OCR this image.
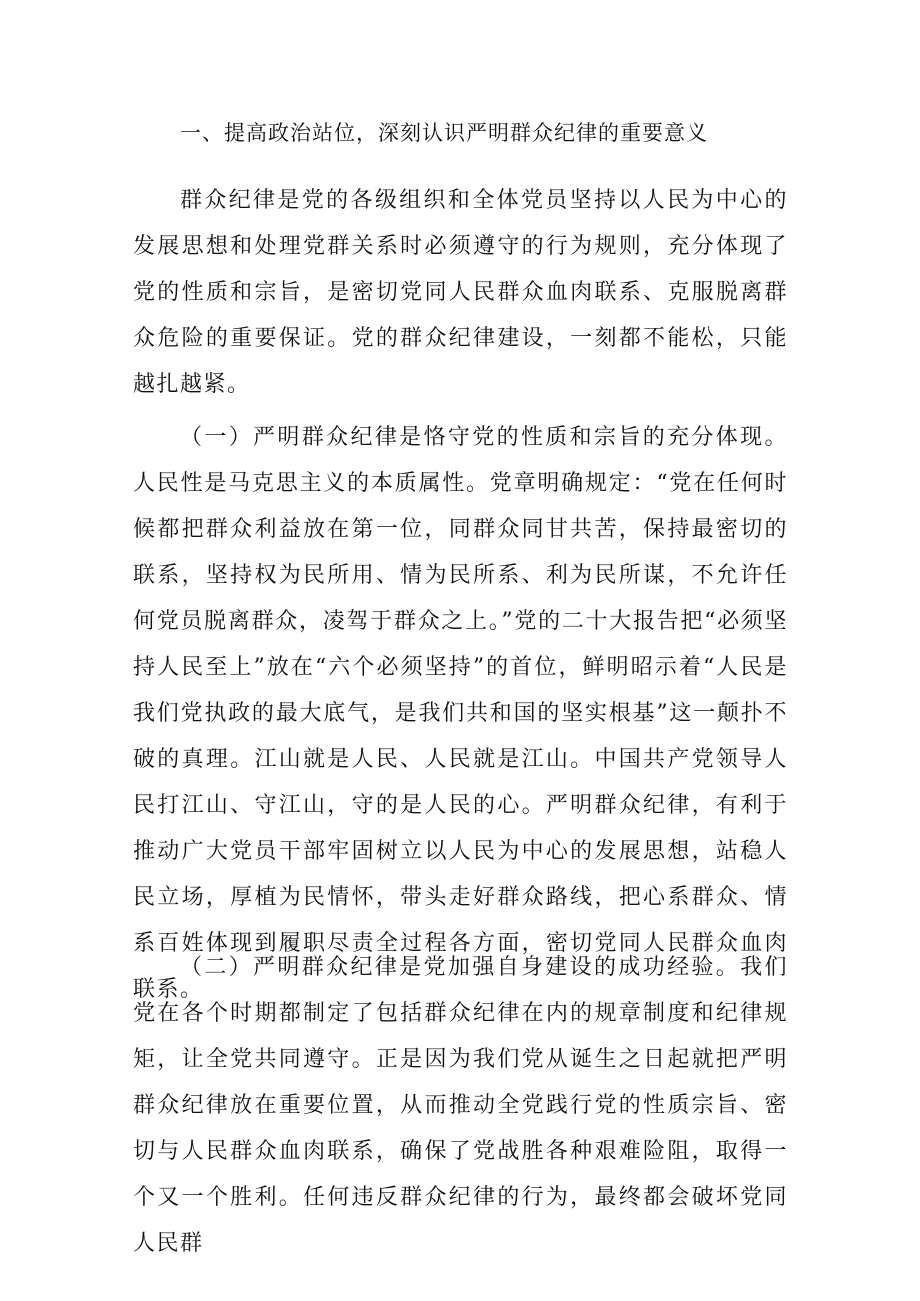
一、提高政治站位，深刻认识严明群众纪律的重要意义

群众纪律是党的各级组织和全体党员坚持以人民为中心的发展思想和处理党群关系时必须遵守的行为规则，充分体现了党的性质和宗旨，是密切党同人民群众血肉联系、克服脱离群众危险的重要保证。党的群众纪律建设，一刻都不能松，只能越扎越紧。

（一）严明群众纪律是恪守党的性质和宗旨的充分体现。人民性是马克思主义的本质属性。党章明确规定：“党在任何时候都把群众利益放在第一位，同群众同甘共苦，保持最密切的联系，坚持权为民所用、情为民所系、利为民所谋，不允许任何党员脱离群众，凌驾于群众之上。”党的二十大报告把“必须坚持人民至上”放在“六个必须坚持”的首位，鲜明昭示着“人民是我们党执政的最大底气，是我们共和国的坚实根基”这一颠扑不破的真理。江山就是人民、人民就是江山。中国共产党领导人民打江山、守江山，守的是人民的心。严明群众纪律，有利于推动广大党员干部牢固树立以人民为中心的发展思想，站稳人民立场，厚植为民情怀，带头走好群众路线，把心系群众、情系百姓体现到履职尽责全过程各方面，密切党同人民群众血肉联系。

（二）严明群众纪律是党加强自身建设的成功经验。我们党在各个时期都制定了包括群众纪律在内的规章制度和纪律规矩，让全党共同遵守。正是因为我们党从诞生之日起就把严明群众纪律放在重要位置，从而推动全党践行党的性质宗旨、密切与人民群众血肉联系，确保了党战胜各种艰难险阻，取得一个又一个胜利。任何违反群众纪律的行为，最终都会破坏党同人民群
